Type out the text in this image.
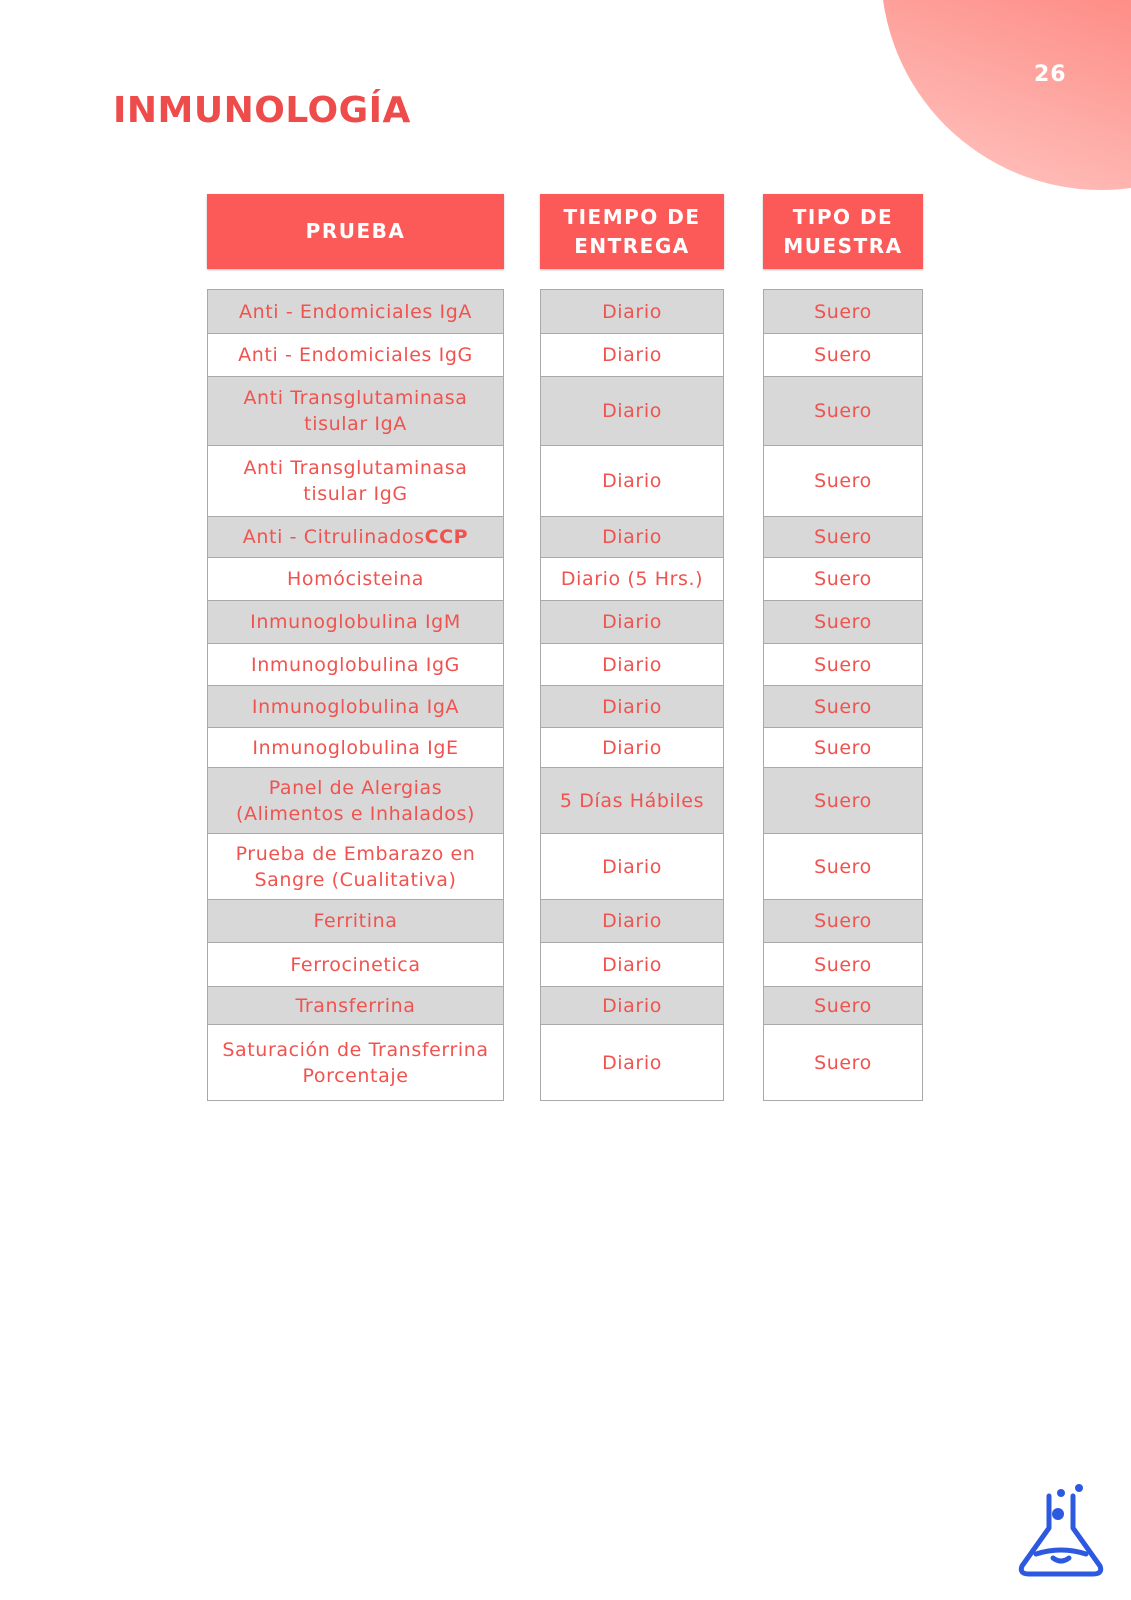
26
INMUNOLOGÍA
PRUEBA
Anti - Endomiciales IgA
Anti - Endomiciales IgG
Anti Transglutaminasa tisular IgA
Anti Transglutaminasa tisular IgG
Anti - Citrulinados CCP
Homócisteina
Inmunoglobulina IgM
Inmunoglobulina IgG
Inmunoglobulina IgA
Inmunoglobulina IgE
Panel de Alergias (Alimentos e Inhalados)
Prueba de Embarazo en Sangre (Cualitativa)
Ferritina
Ferrocinetica
Transferrina
Saturación de Transferrina Porcentaje
TIEMPO DE
ENTREGA
Diario
Diario
Diario
Diario
Diario
Diario (5 Hrs.)
Diario
Diario
Diario
Diario
5 Días Hábiles
Diario
Diario
Diario
Diario
Diario
TIPO DE
MUESTRA
Suero
Suero
Suero
Suero
Suero
Suero
Suero
Suero
Suero
Suero
Suero
Suero
Suero
Suero
Suero
Suero
